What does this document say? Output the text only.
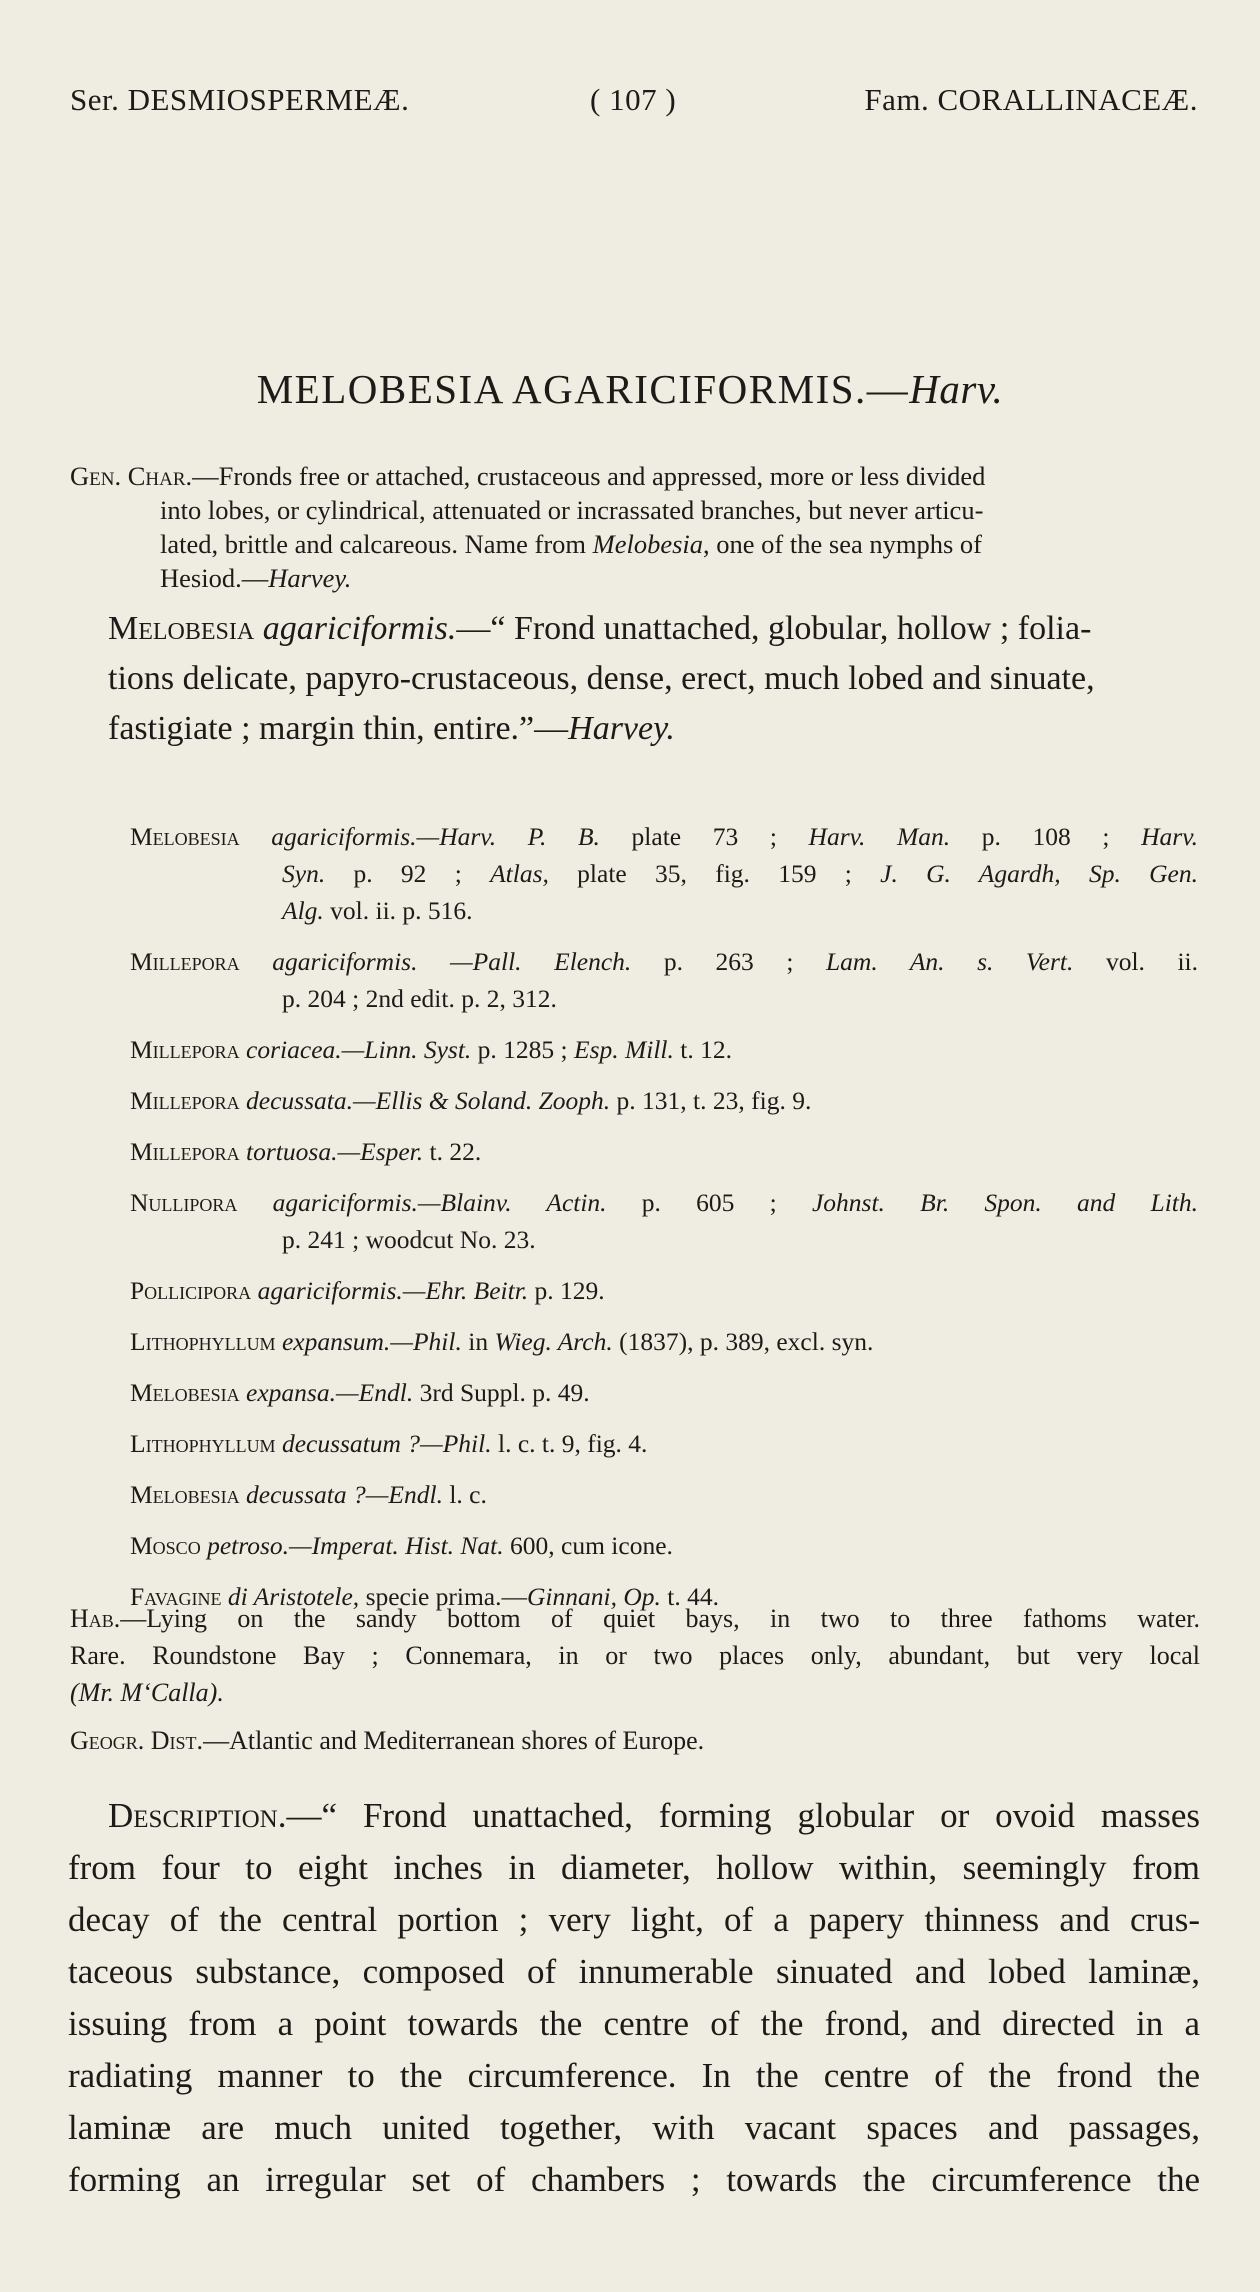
Ser. DESMIOSPERMEÆ.	( 107 )	Fam. CORALLINACEÆ.
MELOBESIA AGARICIFORMIS.—Harv.

Gen. Char.—Fronds free or attached, crustaceous and appressed, more or less divided

into lobes, or cylindrical, attenuated or incrassated branches, but never articu-

lated, brittle and calcareous. Name from Melobesia, one of the sea nymphs of

Hesiod.—Harvey.

Melobesia agariciformis.—“ Frond unattached, globular, hollow ; folia-

tions delicate, papyro-crustaceous, dense, erect, much lobed and sinuate,

fastigiate ; margin thin, entire.”—Harvey.

Melobesia agariciformis.—Harv. P. B. plate 73 ; Harv. Man. p. 108 ; Harv.
Syn. p. 92 ; Atlas, plate 35, fig. 159 ; J. G. Agardh, Sp. Gen.
Alg. vol. ii. p. 516.
Millepora agariciformis. —Pall. Elench. p. 263 ; Lam. An. s. Vert. vol. ii.
p. 204 ; 2nd edit. p. 2, 312.
Millepora coriacea.—Linn. Syst. p. 1285 ; Esp. Mill. t. 12.
Millepora decussata.—Ellis & Soland. Zooph. p. 131, t. 23, fig. 9.
Millepora tortuosa.—Esper. t. 22.
Nullipora agariciformis.—Blainv. Actin. p. 605 ; Johnst. Br. Spon. and Lith.
p. 241 ; woodcut No. 23.
Pollicipora agariciformis.—Ehr. Beitr. p. 129.
Lithophyllum expansum.—Phil. in Wieg. Arch. (1837), p. 389, excl. syn.
Melobesia expansa.—Endl. 3rd Suppl. p. 49.
Lithophyllum decussatum ?—Phil. l. c. t. 9, fig. 4.
Melobesia decussata ?—Endl. l. c.
Mosco petroso.—Imperat. Hist. Nat. 600, cum icone.
Favagine di Aristotele, specie prima.—Ginnani, Op. t. 44.

Hab.—Lying on the sandy bottom of quiet bays, in two to three fathoms water.

Rare. Roundstone Bay ; Connemara, in or two places only, abundant, but very local

(Mr. M‘Calla).

Geogr. Dist.—Atlantic and Mediterranean shores of Europe.

Description.—“ Frond unattached, forming globular or ovoid masses

from four to eight inches in diameter, hollow within, seemingly from

decay of the central portion ; very light, of a papery thinness and crus-

taceous substance, composed of innumerable sinuated and lobed laminæ,

issuing from a point towards the centre of the frond, and directed in a

radiating manner to the circumference. In the centre of the frond the

laminæ are much united together, with vacant spaces and passages,

forming an irregular set of chambers ; towards the circumference the
